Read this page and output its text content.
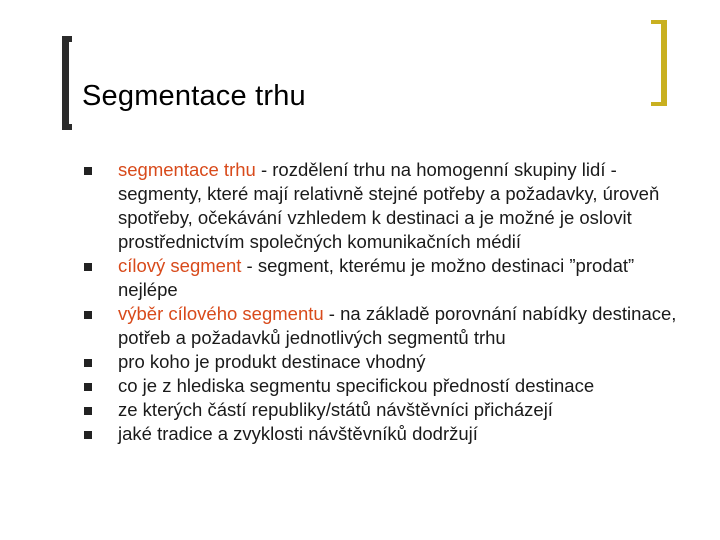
Segmentace trhu
segmentace trhu - rozdělení trhu na homogenní skupiny lidí - segmenty, které mají relativně stejné potřeby a požadavky, úroveň spotřeby, očekávání vzhledem k destinaci a je možné je oslovit prostřednictvím společných komunikačních médií
cílový segment - segment, kterému je možno destinaci ”prodat” nejlépe
výběr cílového segmentu - na základě porovnání nabídky destinace, potřeb a požadavků jednotlivých segmentů trhu
pro koho je produkt destinace vhodný
co je z hlediska segmentu specifickou předností destinace
ze kterých částí republiky/států návštěvníci přicházejí
jaké tradice a zvyklosti návštěvníků dodržují
